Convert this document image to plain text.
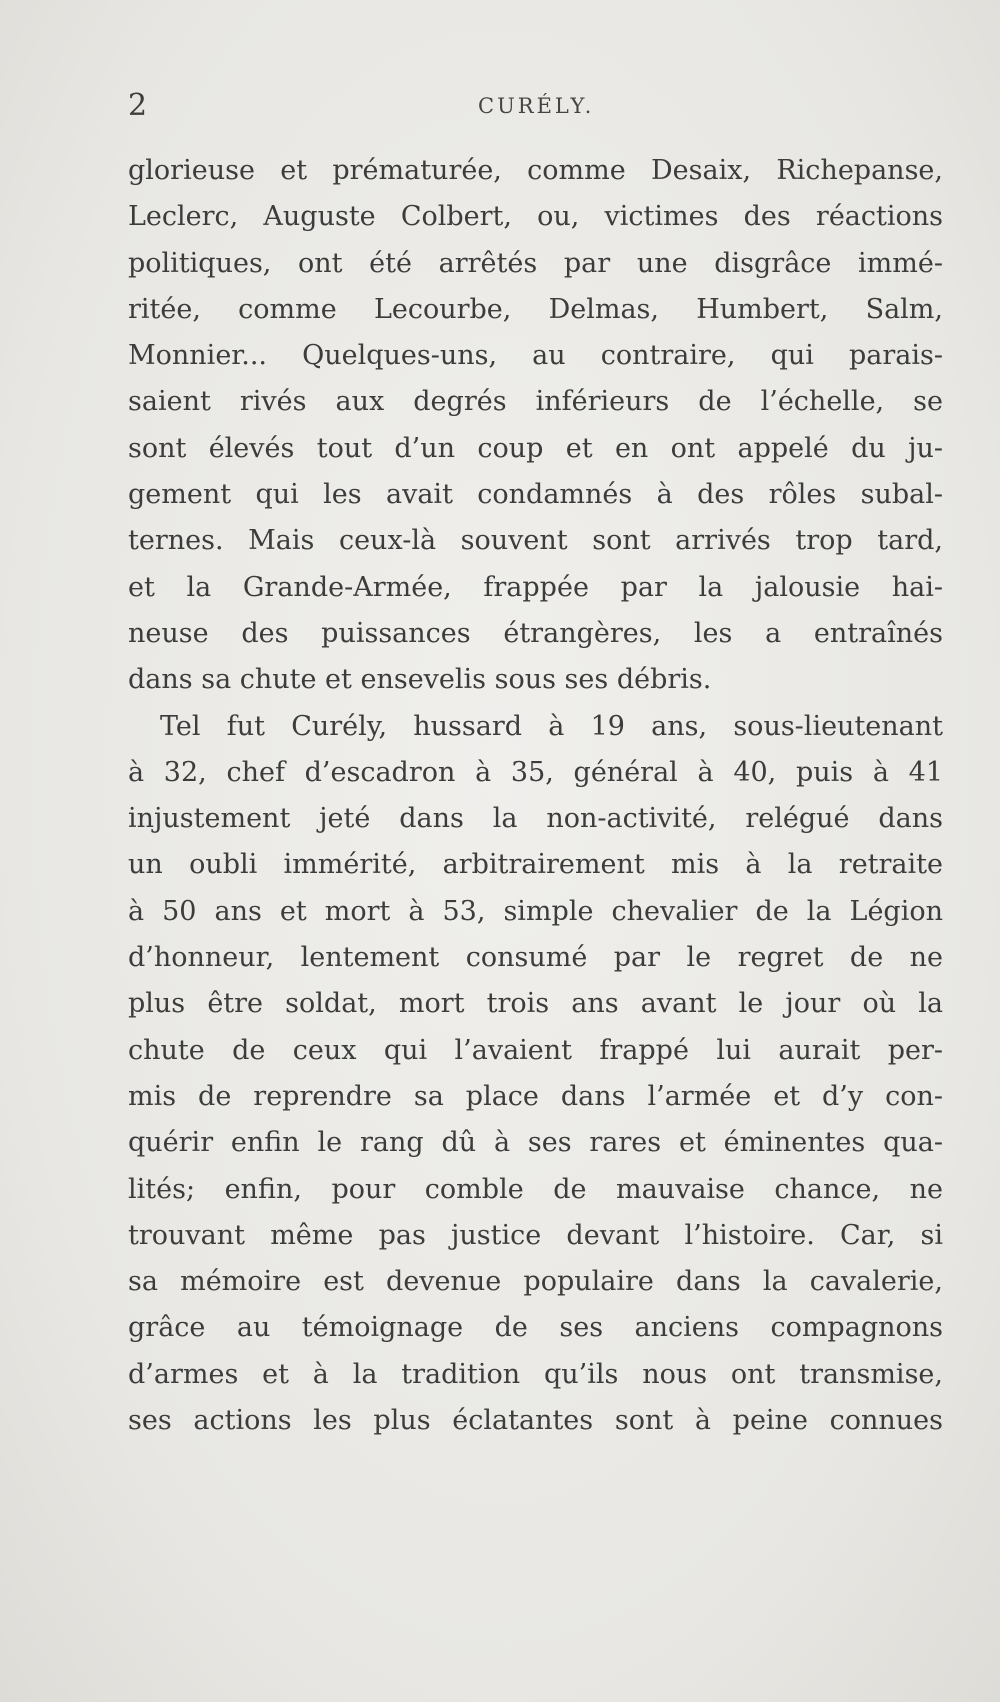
2	CURÉLY.
glorieuse et prématurée, comme Desaix, Richepanse,
Leclerc, Auguste Colbert, ou, victimes des réactions
politiques, ont été arrêtés par une disgrâce immé-
ritée, comme Lecourbe, Delmas, Humbert, Salm,
Monnier... Quelques-uns, au contraire, qui parais-
saient rivés aux degrés inférieurs de l’échelle, se
sont élevés tout d’un coup et en ont appelé du ju-
gement qui les avait condamnés à des rôles subal-
ternes. Mais ceux-là souvent sont arrivés trop tard,
et la Grande-Armée, frappée par la jalousie hai-
neuse des puissances étrangères, les a entraînés
dans sa chute et ensevelis sous ses débris.
Tel fut Curély, hussard à 19 ans, sous-lieutenant
à 32, chef d’escadron à 35, général à 40, puis à 41
injustement jeté dans la non-activité, relégué dans
un oubli immérité, arbitrairement mis à la retraite
à 50 ans et mort à 53, simple chevalier de la Légion
d’honneur, lentement consumé par le regret de ne
plus être soldat, mort trois ans avant le jour où la
chute de ceux qui l’avaient frappé lui aurait per-
mis de reprendre sa place dans l’armée et d’y con-
quérir enfin le rang dû à ses rares et éminentes qua-
lités; enfin, pour comble de mauvaise chance, ne
trouvant même pas justice devant l’histoire. Car, si
sa mémoire est devenue populaire dans la cavalerie,
grâce au témoignage de ses anciens compagnons
d’armes et à la tradition qu’ils nous ont transmise,
ses actions les plus éclatantes sont à peine connues
